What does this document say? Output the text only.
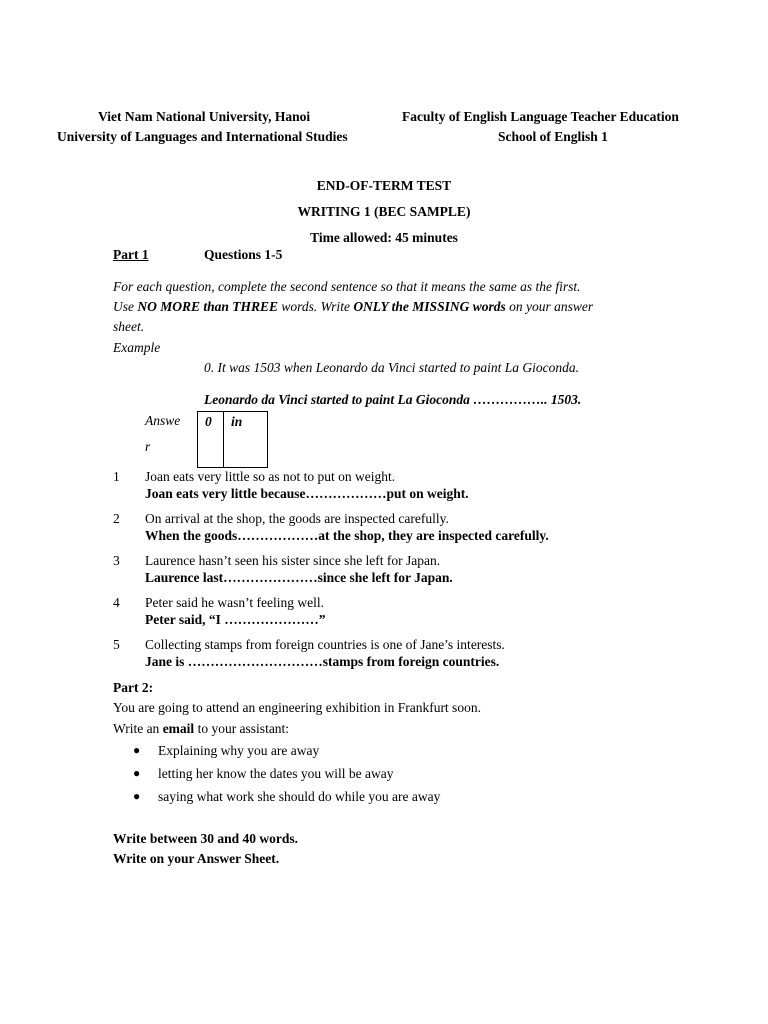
Viet Nam National University, Hanoi
University of Languages and International Studies
Faculty of English Language Teacher Education
School of English 1
END-OF-TERM TEST
WRITING 1 (BEC SAMPLE)
Time allowed: 45 minutes
Part 1	Questions 1-5
For each question, complete the second sentence so that it means the same as the first.
Use NO MORE than THREE words. Write ONLY the MISSING words on your answer
sheet.
Example
0. It was 1503 when Leonardo da Vinci started to paint La Gioconda.
Leonardo da Vinci started to paint La Gioconda …………….. 1503.
Answe
r
0 in
1 Joan eats very little so as not to put on weight.
Joan eats very little because………………put on weight.
2 On arrival at the shop, the goods are inspected carefully.
When the goods………………at the shop, they are inspected carefully.
3 Laurence hasn’t seen his sister since she left for Japan.
Laurence last…………………since she left for Japan.
4 Peter said he wasn’t feeling well.
Peter said, “I …………………”
5 Collecting stamps from foreign countries is one of Jane’s interests.
Jane is …………………………stamps from foreign countries.
Part 2:
You are going to attend an engineering exhibition in Frankfurt soon.
Write an email to your assistant:
● Explaining why you are away
● letting her know the dates you will be away
● saying what work she should do while you are away
Write between 30 and 40 words.
Write on your Answer Sheet.
